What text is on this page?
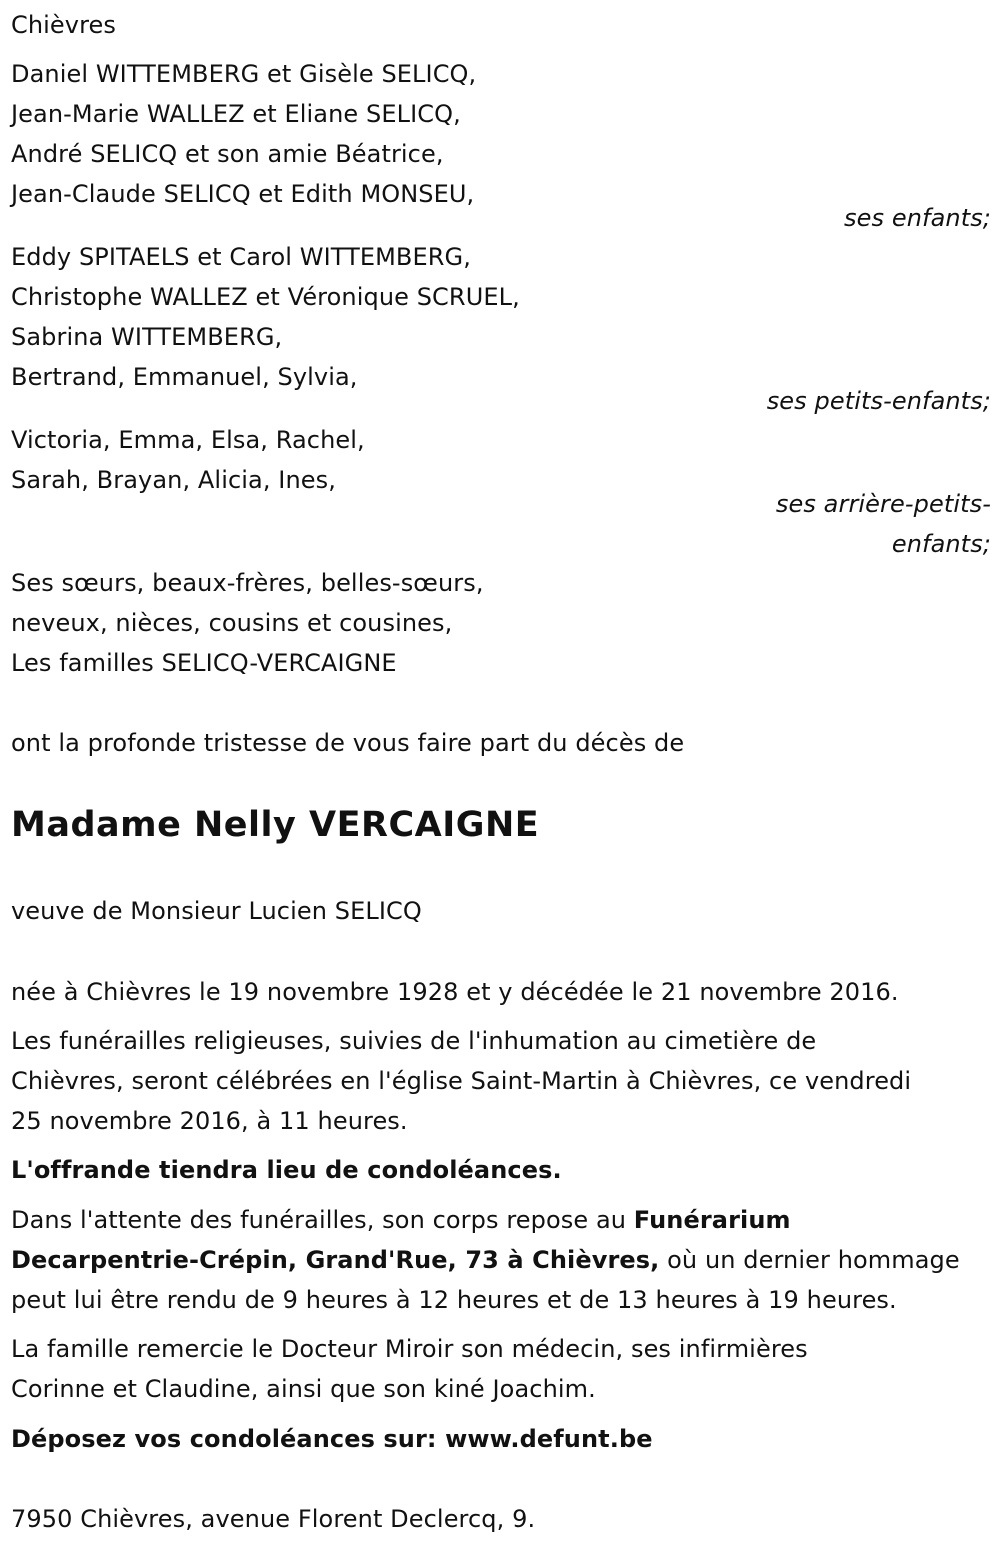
Chièvres
Daniel WITTEMBERG et Gisèle SELICQ,
Jean-Marie WALLEZ et Eliane SELICQ,
André SELICQ et son amie Béatrice,
Jean-Claude SELICQ et Edith MONSEU,
ses enfants;
Eddy SPITAELS et Carol WITTEMBERG,
Christophe WALLEZ et Véronique SCRUEL,
Sabrina WITTEMBERG,
Bertrand, Emmanuel, Sylvia,
ses petits-enfants;
Victoria, Emma, Elsa, Rachel,
Sarah, Brayan, Alicia, Ines,
ses arrière-petits-
enfants;
Ses sœurs, beaux-frères, belles-sœurs,
neveux, nièces, cousins et cousines,
Les familles SELICQ-VERCAIGNE
ont la profonde tristesse de vous faire part du décès de
Madame Nelly VERCAIGNE
veuve de Monsieur Lucien SELICQ
née à Chièvres le 19 novembre 1928 et y décédée le 21 novembre 2016.
Les funérailles religieuses, suivies de l'inhumation au cimetière de
Chièvres, seront célébrées en l'église Saint-Martin à Chièvres, ce vendredi
25 novembre 2016, à 11 heures.
L'offrande tiendra lieu de condoléances.
Dans l'attente des funérailles, son corps repose au Funérarium
Decarpentrie-Crépin, Grand'Rue, 73 à Chièvres, où un dernier hommage
peut lui être rendu de 9 heures à 12 heures et de 13 heures à 19 heures.
La famille remercie le Docteur Miroir son médecin, ses infirmières
Corinne et Claudine, ainsi que son kiné Joachim.
Déposez vos condoléances sur: www.defunt.be
7950 Chièvres, avenue Florent Declercq, 9.
